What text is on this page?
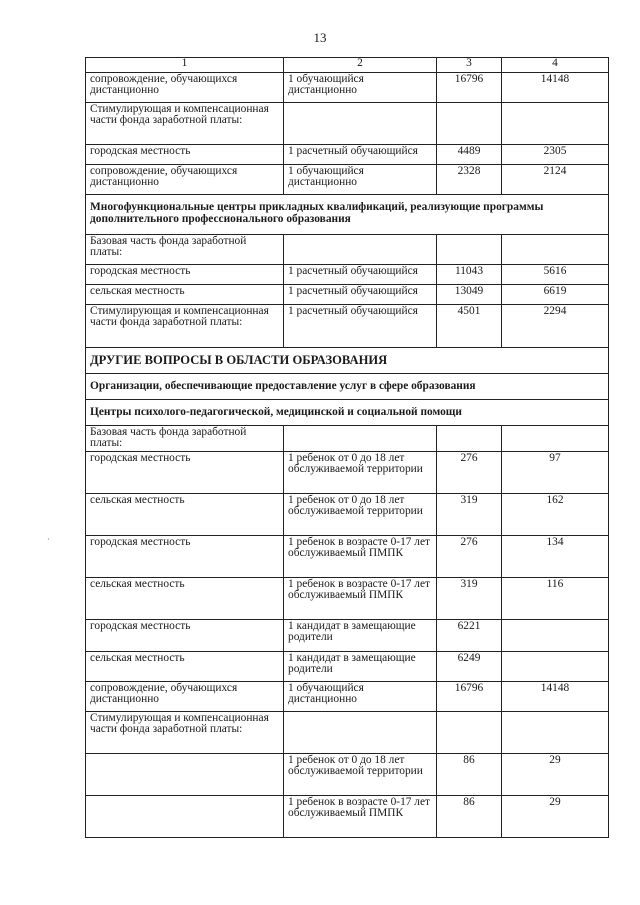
13
·
1	2	3	4
сопровождение, обучающихся дистанционно	1 обучающийся дистанционно	16796	14148
Стимулирующая и компенсационная части фонда заработной платы:			
городская местность	1 расчетный обучающийся	4489	2305
сопровождение, обучающихся дистанционно	1 обучающийся дистанционно	2328	2124
Многофункциональные центры прикладных квалификаций, реализующие программы дополнительного профессионального образования			
Базовая часть фонда заработной платы:			
городская местность	1 расчетный обучающийся	11043	5616
сельская местность	1 расчетный обучающийся	13049	6619
Стимулирующая и компенсационная части фонда заработной платы:	1 расчетный обучающийся	4501	2294
ДРУГИЕ ВОПРОСЫ В ОБЛАСТИ ОБРАЗОВАНИЯ			
Организации, обеспечивающие предоставление услуг в сфере образования			
Центры психолого-педагогической, медицинской и социальной помощи			
Базовая часть фонда заработной платы:			
городская местность	1 ребенок от 0 до 18 лет обслуживаемой территории	276	97
сельская местность	1 ребенок от 0 до 18 лет обслуживаемой территории	319	162
городская местность	1 ребенок в возрасте 0-17 лет обслуживаемый ПМПК	276	134
сельская местность	1 ребенок в возрасте 0-17 лет обслуживаемый ПМПК	319	116
городская местность	1 кандидат в замещающие родители	6221	
сельская местность	1 кандидат в замещающие родители	6249	
сопровождение, обучающихся дистанционно	1 обучающийся дистанционно	16796	14148
Стимулирующая и компенсационная части фонда заработной платы:			
	1 ребенок от 0 до 18 лет обслуживаемой территории	86	29
	1 ребенок в возрасте 0-17 лет обслуживаемый ПМПК	86	29
